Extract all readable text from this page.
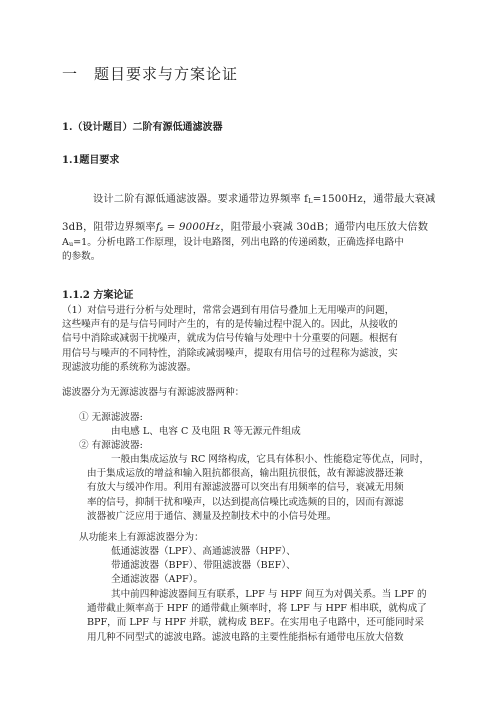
一 题目要求与方案论证
1.（设计题目）二阶有源低通滤波器
1.1题目要求
设计二阶有源低通滤波器。要求通带边界频率 $f_L=1500Hz$，通带最大衰减
3dB，阻带边界频率$f_s = 9000Hz$，阻带最小衰减 30dB；通带内电压放大倍数
$A_u=1$。分析电路工作原理，设计电路图，列出电路的传递函数，正确选择电路中
的参数。
1.1.2 方案论证
（1）对信号进行分析与处理时，常常会遇到有用信号叠加上无用噪声的问题，
这些噪声有的是与信号同时产生的，有的是传输过程中混入的。因此，从接收的
信号中消除或减弱干扰噪声，就成为信号传输与处理中十分重要的问题。根据有
用信号与噪声的不同特性，消除或减弱噪声，提取有用信号的过程称为滤波，实
现滤波功能的系统称为滤波器。
滤波器分为无源滤波器与有源滤波器两种：
① 无源滤波器:
由电感 L、电容 C 及电阻 R 等无源元件组成
② 有源滤波器:
一般由集成运放与 RC 网络构成，它具有体积小、性能稳定等优点，同时，
由于集成运放的增益和输入阻抗都很高，输出阻抗很低，故有源滤波器还兼
有放大与缓冲作用。利用有源滤波器可以突出有用频率的信号，衰减无用频
率的信号，抑制干扰和噪声，以达到提高信噪比或选频的目的，因而有源滤
波器被广泛应用于通信、测量及控制技术中的小信号处理。
从功能来上有源滤波器分为：
低通滤波器（LPF）、高通滤波器（HPF）、
带通滤波器（BPF）、带阻滤波器（BEF）、
全通滤波器（APF）。
其中前四种滤波器间互有联系，LPF 与 HPF 间互为对偶关系。当 LPF 的
通带截止频率高于 HPF 的通带截止频率时，将 LPF 与 HPF 相串联，就构成了
BPF，而 LPF 与 HPF 并联，就构成 BEF。在实用电子电路中，还可能同时采
用几种不同型式的滤波电路。滤波电路的主要性能指标有通带电压放大倍数
